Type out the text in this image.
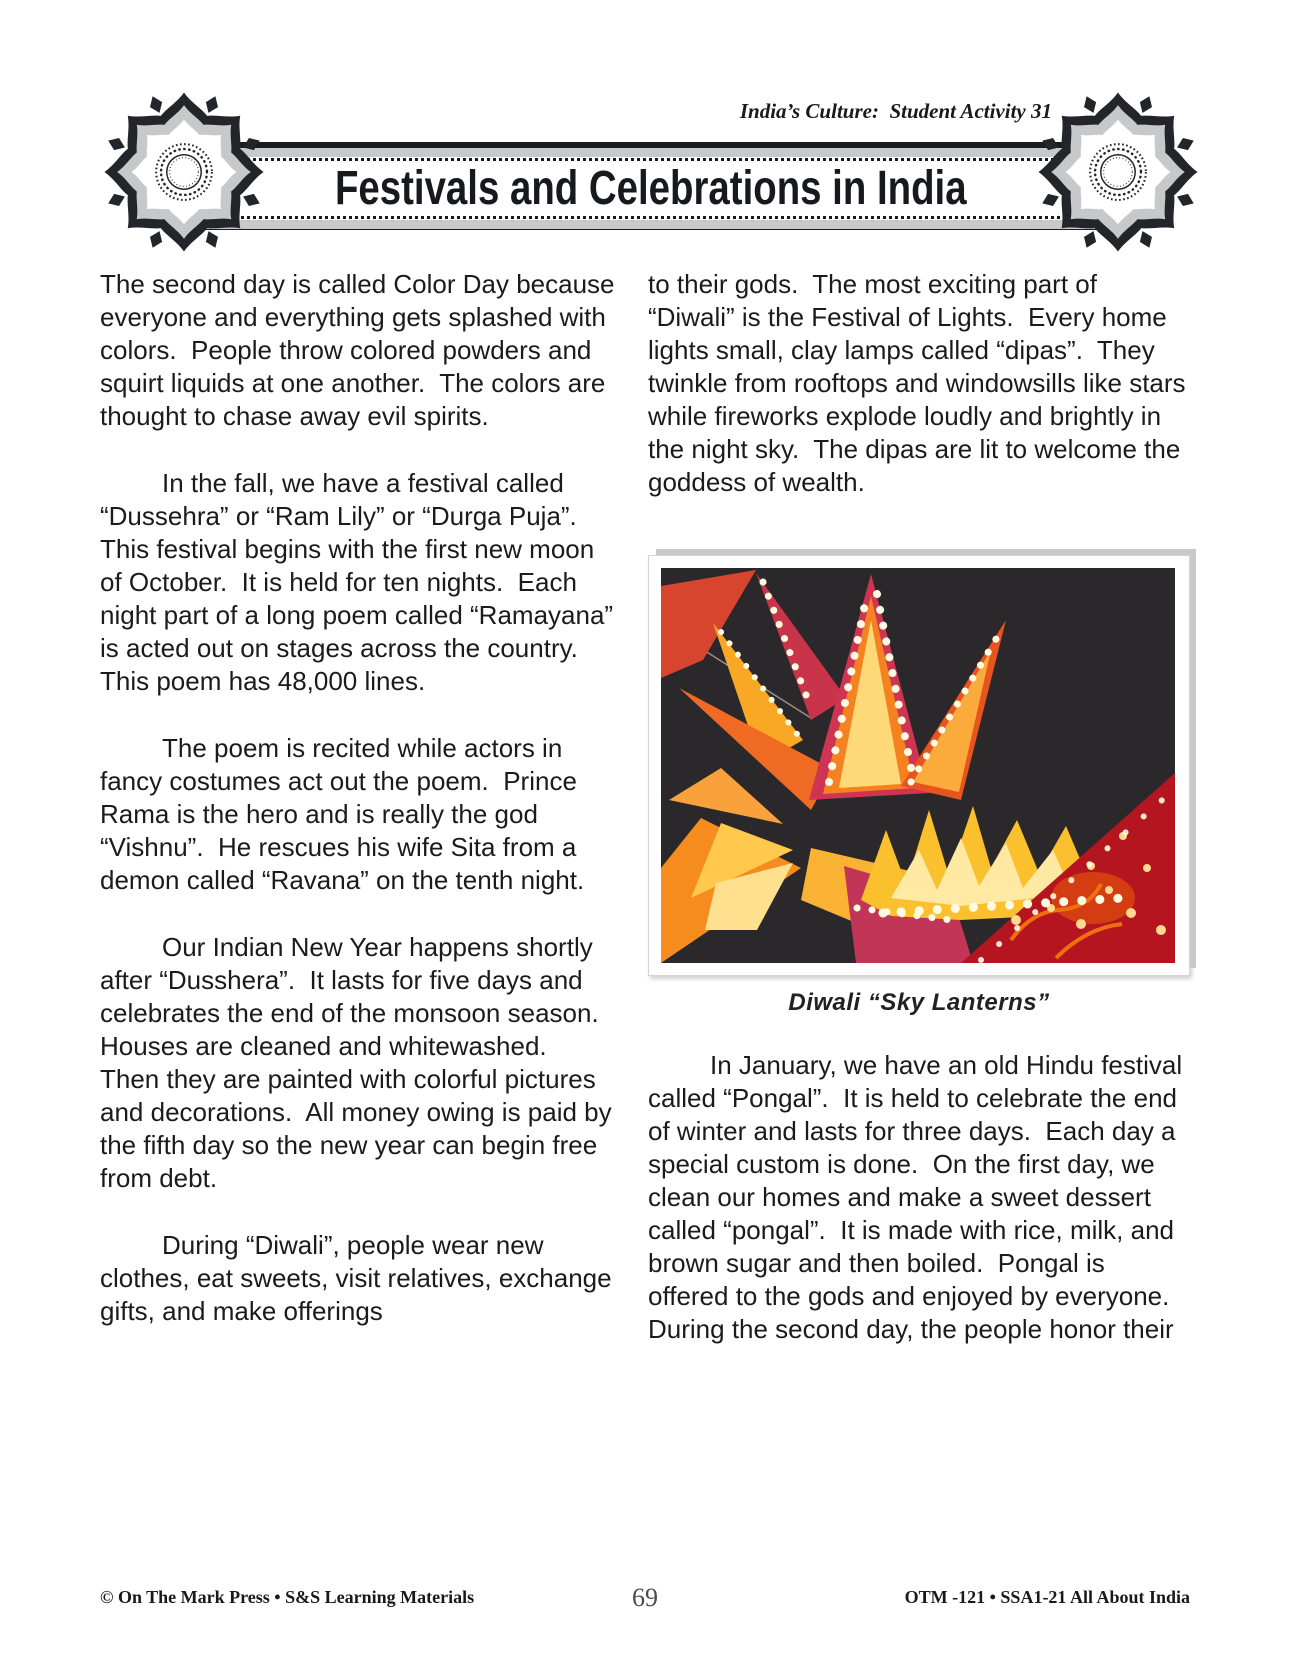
India’s Culture:  Student Activity 31
Festivals and Celebrations in India

The second day is called Color Day because everyone and everything gets splashed with colors.  People throw colored powders and squirt liquids at one another.  The colors are thought to chase away evil spirits.

In the fall, we have a festival called “Dussehra” or “Ram Lily” or “Durga Puja”.  This festival begins with the first new moon of October.  It is held for ten nights.  Each night part of a long poem called “Ramayana” is acted out on stages across the country.  This poem has 48,000 lines.

The poem is recited while actors in fancy costumes act out the poem.  Prince Rama is the hero and is really the god “Vishnu”.  He rescues his wife Sita from a demon called “Ravana” on the tenth night.

Our Indian New Year happens shortly after “Dusshera”.  It lasts for five days and celebrates the end of the monsoon season.  Houses are cleaned and whitewashed.  Then they are painted with colorful pictures and decorations.  All money owing is paid by the fifth day so the new year can begin free from debt.

During “Diwali”, people wear new clothes, eat sweets, visit relatives, exchange gifts, and make offerings

to their gods.  The most exciting part of “Diwali” is the Festival of Lights.  Every home lights small, clay lamps called “dipas”.  They twinkle from rooftops and windowsills like stars while fireworks explode loudly and brightly in the night sky.  The dipas are lit to welcome the goddess of wealth.

Diwali “Sky Lanterns”

In January, we have an old Hindu festival called “Pongal”.  It is held to celebrate the end of winter and lasts for three days.  Each day a special custom is done.  On the first day, we clean our homes and make a sweet dessert called “pongal”.  It is made with rice, milk, and brown sugar and then boiled.  Pongal is offered to the gods and enjoyed by everyone.  During the second day, the people honor their

© On The Mark Press • S&S Learning Materials	69	OTM -121 • SSA1-21 All About India
